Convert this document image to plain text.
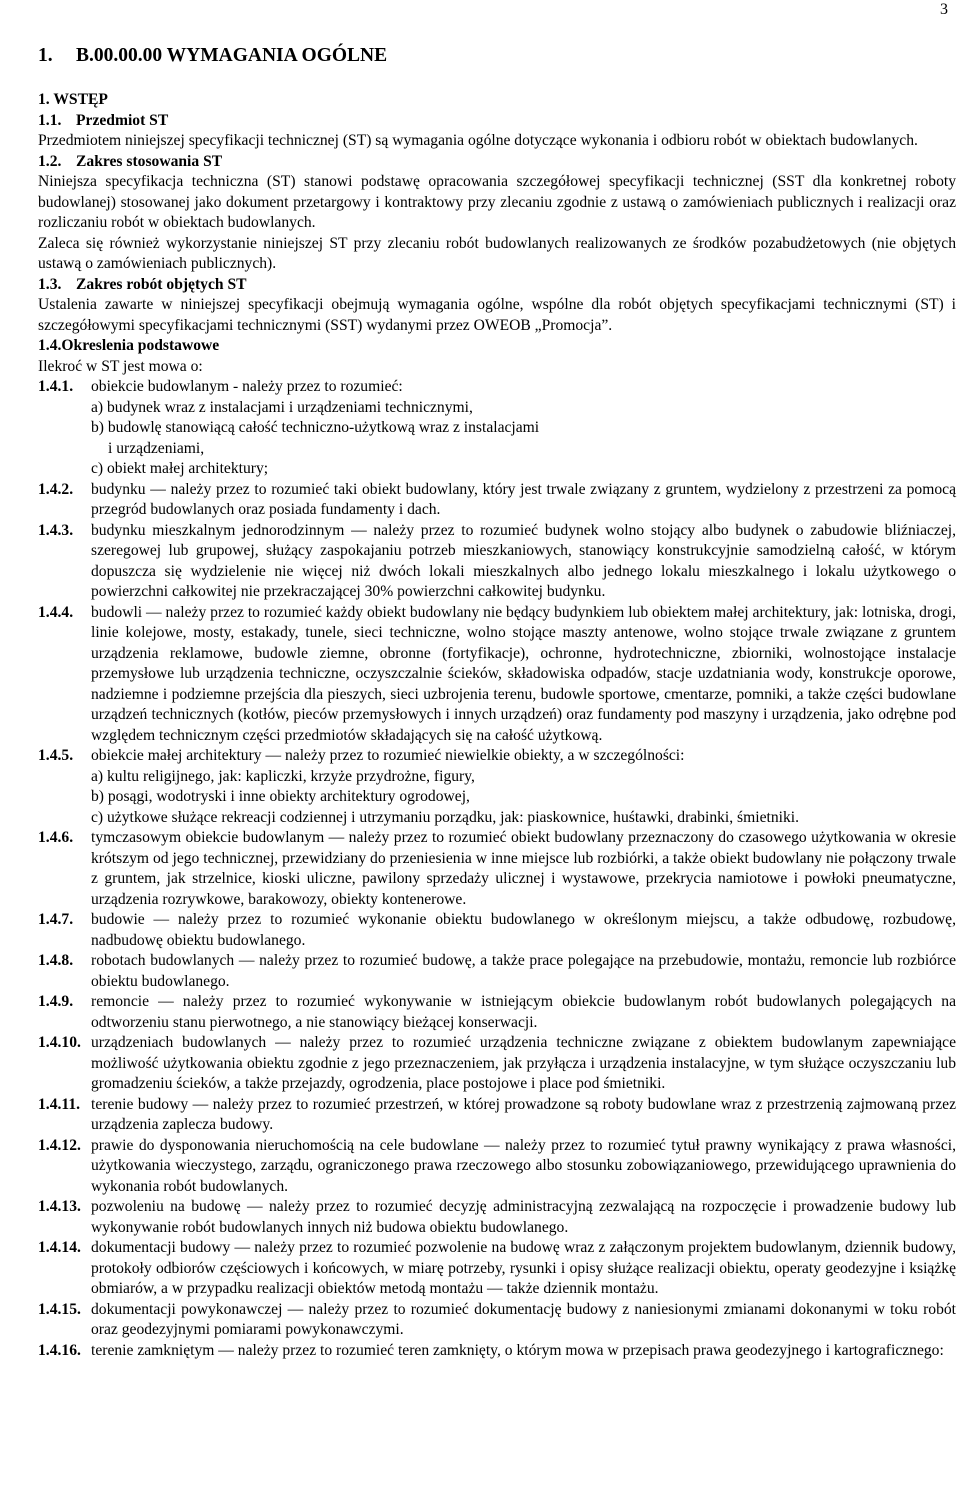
3
1. B.00.00.00 WYMAGANIA OGÓLNE
1. WSTĘP
1.1. Przedmiot ST

Przedmiotem niniejszej specyfikacji technicznej (ST) są wymagania ogólne dotyczące wykonania i odbioru robót w obiektach budowlanych.

1.2. Zakres stosowania ST

Niniejsza specyfikacja techniczna (ST) stanowi podstawę opracowania szczegółowej specyfikacji technicznej (SST dla konkretnej roboty budowlanej) stosowanej jako dokument przetargowy i kontraktowy przy zlecaniu zgodnie z ustawą o zamówieniach publicznych i realizacji oraz rozliczaniu robót w obiektach budowlanych.

Zaleca się również wykorzystanie niniejszej ST przy zlecaniu robót budowlanych realizowanych ze środków pozabudżetowych (nie objętych ustawą o zamówieniach publicznych).

1.3. Zakres robót objętych ST

Ustalenia zawarte w niniejszej specyfikacji obejmują wymagania ogólne, wspólne dla robót objętych specyfikacjami technicznymi (ST) i szczegółowymi specyfikacjami technicznymi (SST) wydanymi przez OWEOB „Promocja”.

1.4.Okreslenia podstawowe

Ilekroć w ST jest mowa o:

1.4.1. obiekcie budowlanym - należy przez to rozumieć:

a) budynek wraz z instalacjami i urządzeniami technicznymi,

b) budowlę stanowiącą całość techniczno-użytkową wraz z instalacjami

i urządzeniami,

c) obiekt małej architektury;

1.4.2. budynku — należy przez to rozumieć taki obiekt budowlany, który jest trwale związany z gruntem, wydzielony z przestrzeni za pomocą przegród budowlanych oraz posiada fundamenty i dach.
1.4.3. budynku mieszkalnym jednorodzinnym — należy przez to rozumieć budynek wolno stojący albo budynek o zabudowie bliźniaczej, szeregowej lub grupowej, służący zaspokajaniu potrzeb mieszkaniowych, stanowiący konstrukcyjnie samodzielną całość, w którym dopuszcza się wydzielenie nie więcej niż dwóch lokali mieszkalnych albo jednego lokalu mieszkalnego i lokalu użytkowego o powierzchni całkowitej nie przekraczającej 30% powierzchni całkowitej budynku.
1.4.4. budowli — należy przez to rozumieć każdy obiekt budowlany nie będący budynkiem lub obiektem małej architektury, jak: lotniska, drogi, linie kolejowe, mosty, estakady, tunele, sieci techniczne, wolno stojące maszty antenowe, wolno stojące trwale związane z gruntem urządzenia reklamowe, budowle ziemne, obronne (fortyfikacje), ochronne, hydrotechniczne, zbiorniki, wolnostojące instalacje przemysłowe lub urządzenia techniczne, oczyszczalnie ścieków, składowiska odpadów, stacje uzdatniania wody, konstrukcje oporowe, nadziemne i podziemne przejścia dla pieszych, sieci uzbrojenia terenu, budowle sportowe, cmentarze, pomniki, a także części budowlane urządzeń technicznych (kotłów, pieców przemysłowych i innych urządzeń) oraz fundamenty pod maszyny i urządzenia, jako odrębne pod względem technicznym części przedmiotów składających się na całość użytkową.
1.4.5. obiekcie małej architektury — należy przez to rozumieć niewielkie obiekty, a w szczególności:

a) kultu religijnego, jak: kapliczki, krzyże przydrożne, figury,

b) posągi, wodotryski i inne obiekty architektury ogrodowej,

c) użytkowe służące rekreacji codziennej i utrzymaniu porządku, jak: piaskownice, huśtawki, drabinki, śmietniki.

1.4.6. tymczasowym obiekcie budowlanym — należy przez to rozumieć obiekt budowlany przeznaczony do czasowego użytkowania w okresie krótszym od jego technicznej, przewidziany do przeniesienia w inne miejsce lub rozbiórki, a także obiekt budowlany nie połączony trwale z gruntem, jak strzelnice, kioski uliczne, pawilony sprzedaży ulicznej i wystawowe, przekrycia namiotowe i powłoki pneumatyczne, urządzenia rozrywkowe, barakowozy, obiekty kontenerowe.
1.4.7. budowie — należy przez to rozumieć wykonanie obiektu budowlanego w określonym miejscu, a także odbudowę, rozbudowę, nadbudowę obiektu budowlanego.
1.4.8. robotach budowlanych — należy przez to rozumieć budowę, a także prace polegające na przebudowie, montażu, remoncie lub rozbiórce obiektu budowlanego.
1.4.9. remoncie — należy przez to rozumieć wykonywanie w istniejącym obiekcie budowlanym robót budowlanych polegających na odtworzeniu stanu pierwotnego, a nie stanowiący bieżącej konserwacji.
1.4.10. urządzeniach budowlanych — należy przez to rozumieć urządzenia techniczne związane z obiektem budowlanym zapewniające możliwość użytkowania obiektu zgodnie z jego przeznaczeniem, jak przyłącza i urządzenia instalacyjne, w tym służące oczyszczaniu lub gromadzeniu ścieków, a także przejazdy, ogrodzenia, place postojowe i place pod śmietniki.
1.4.11. terenie budowy — należy przez to rozumieć przestrzeń, w której prowadzone są roboty budowlane wraz z przestrzenią zajmowaną przez urządzenia zaplecza budowy.
1.4.12. prawie do dysponowania nieruchomością na cele budowlane — należy przez to rozumieć tytuł prawny wynikający z prawa własności, użytkowania wieczystego, zarządu, ograniczonego prawa rzeczowego albo stosunku zobowiązaniowego, przewidującego uprawnienia do wykonania robót budowlanych.
1.4.13. pozwoleniu na budowę — należy przez to rozumieć decyzję administracyjną zezwalającą na rozpoczęcie i prowadzenie budowy lub wykonywanie robót budowlanych innych niż budowa obiektu budowlanego.
1.4.14. dokumentacji budowy — należy przez to rozumieć pozwolenie na budowę wraz z załączonym projektem budowlanym, dziennik budowy, protokoły odbiorów częściowych i końcowych, w miarę potrzeby, rysunki i opisy służące realizacji obiektu, operaty geodezyjne i książkę obmiarów, a w przypadku realizacji obiektów metodą montażu — także dziennik montażu.
1.4.15. dokumentacji powykonawczej — należy przez to rozumieć dokumentację budowy z naniesionymi zmianami dokonanymi w toku robót oraz geodezyjnymi pomiarami powykonawczymi.
1.4.16. terenie zamkniętym — należy przez to rozumieć teren zamknięty, o którym mowa w przepisach prawa geodezyjnego i kartograficznego:
